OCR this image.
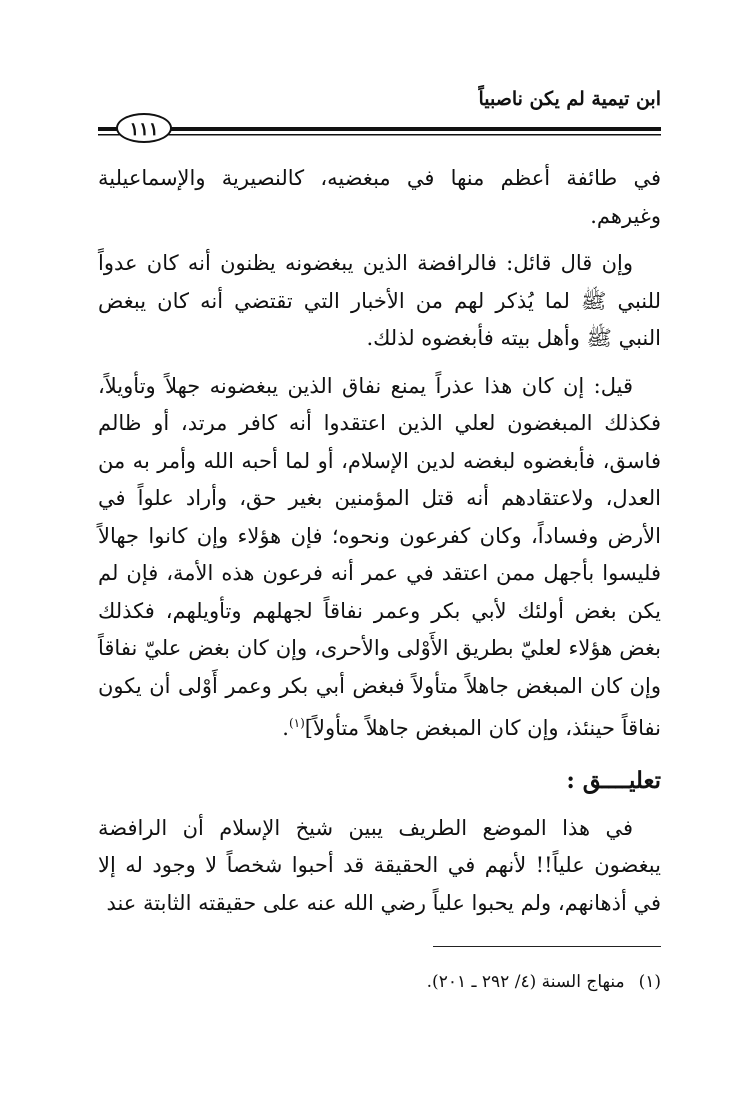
ابن تيمية لم يكن ناصبياً
١١١

في طائفة أعظم منها في مبغضيه، كالنصيرية والإسماعيلية وغيرهم.

وإن قال قائل: فالرافضة الذين يبغضونه يظنون أنه كان عدواً للنبي ﷺ لما يُذكر لهم من الأخبار التي تقتضي أنه كان يبغض النبي ﷺ وأهل بيته فأبغضوه لذلك.

قيل: إن كان هذا عذراً يمنع نفاق الذين يبغضونه جهلاً وتأويلاً، فكذلك المبغضون لعلي الذين اعتقدوا أنه كافر مرتد، أو ظالم فاسق، فأبغضوه لبغضه لدين الإسلام، أو لما أحبه الله وأمر به من العدل، ولاعتقادهم أنه قتل المؤمنين بغير حق، وأراد علواً في الأرض وفساداً، وكان كفرعون ونحوه؛ فإن هؤلاء وإن كانوا جهالاً فليسوا بأجهل ممن اعتقد في عمر أنه فرعون هذه الأمة، فإن لم يكن بغض أولئك لأبي بكر وعمر نفاقاً لجهلهم وتأويلهم، فكذلك بغض هؤلاء لعليّ بطريق الأَوْلى والأحرى، وإن كان بغض عليّ نفاقاً وإن كان المبغض جاهلاً متأولاً فبغض أبي بكر وعمر أَوْلى أن يكون نفاقاً حينئذ، وإن كان المبغض جاهلاً متأولاً]$^{(١)}$.

تعليــــق :

في هذا الموضع الطريف يبين شيخ الإسلام أن الرافضة يبغضون علياً!! لأنهم في الحقيقة قد أحبوا شخصاً لا وجود له إلا في أذهانهم، ولم يحبوا علياً رضي الله عنه على حقيقته الثابتة عند

(١)منهاج السنة (٤/ ٢٩٢ ـ ٢٠١).
